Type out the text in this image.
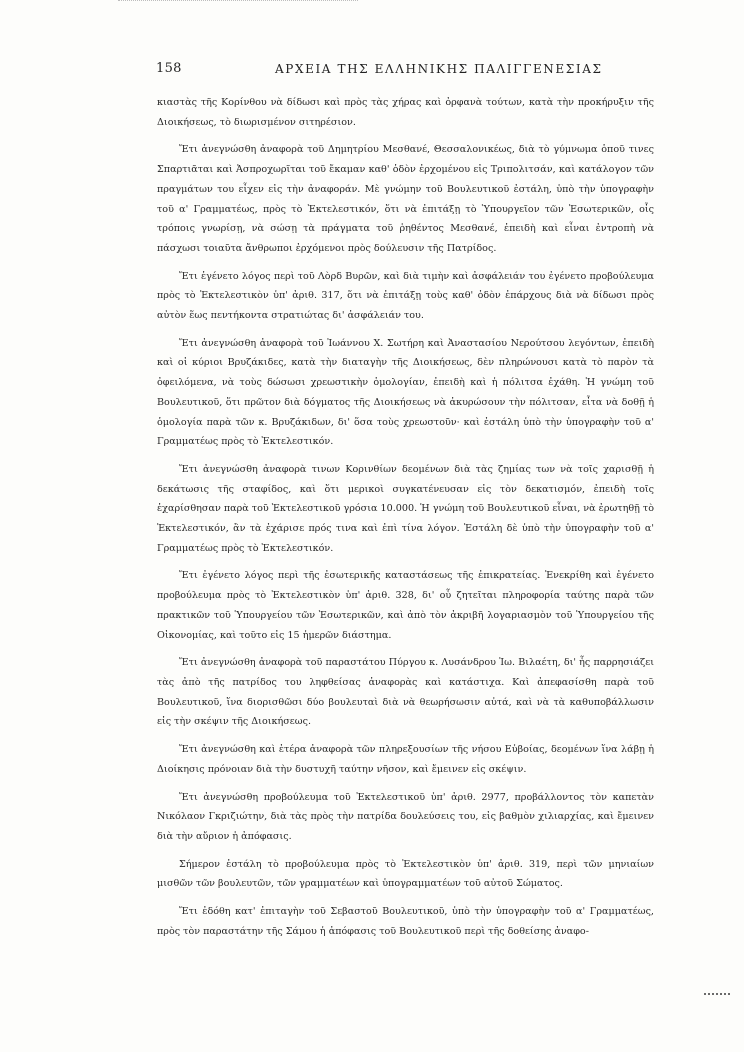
158	ΑΡΧΕΙΑ ΤΗΣ ΕΛΛΗΝΙΚΗΣ ΠΑΛΙΓΓΕΝΕΣΙΑΣ

κιαστὰς τῆς Κορίνθου νὰ δίδωσι καὶ πρὸς τὰς χήρας καὶ ὀρφανὰ τούτων, κατὰ τὴν προκήρυξιν τῆς Διοικήσεως, τὸ διωρισμένον σιτηρέσιον.

Ἔτι ἀνεγνώσθη ἀναφορὰ τοῦ Δημητρίου Μεσθανέ, Θεσσαλονικέως, διὰ τὸ γύμνωμα ὁποῦ τινες Σπαρτιᾶται καὶ Ἀσπροχωρῖται τοῦ ἔκαμαν καθ' ὁδὸν ἐρχομένου εἰς Τριπολιτσάν, καὶ κατάλογον τῶν πραγμάτων του εἶχεν εἰς τὴν ἀναφοράν. Μὲ γνώμην τοῦ Βουλευτικοῦ ἐστάλη, ὑπὸ τὴν ὑπογραφὴν τοῦ α' Γραμματέως, πρὸς τὸ Ἐκτελεστικόν, ὅτι νὰ ἐπιτάξῃ τὸ Ὑπουργεῖον τῶν Ἐσωτερικῶν, οἷς τρόποις γνωρίσῃ, νὰ σώσῃ τὰ πράγματα τοῦ ῥηθέντος Μεσθανέ, ἐπειδὴ καὶ εἶναι ἐντροπὴ νὰ πάσχωσι τοιαῦτα ἄνθρωποι ἐρχόμενοι πρὸς δούλευσιν τῆς Πατρίδος.

Ἔτι ἐγένετο λόγος περὶ τοῦ Λὸρδ Βυρῶν, καὶ διὰ τιμὴν καὶ ἀσφάλειάν του ἐγένετο προβούλευμα πρὸς τὸ Ἐκτελεστικὸν ὑπ' ἀριθ. 317, ὅτι νὰ ἐπιτάξῃ τοὺς καθ' ὁδὸν ἐπάρχους διὰ νὰ δίδωσι πρὸς αὐτὸν ἕως πεντήκοντα στρατιώτας δι' ἀσφάλειάν του.

Ἔτι ἀνεγνώσθη ἀναφορὰ τοῦ Ἰωάννου Χ. Σωτήρη καὶ Ἀναστασίου Νερούτσου λεγόντων, ἐπειδὴ καὶ οἱ κύριοι Βρυζάκιδες, κατὰ τὴν διαταγὴν τῆς Διοικήσεως, δὲν πληρώνουσι κατὰ τὸ παρὸν τὰ ὀφειλόμενα, νὰ τοὺς δώσωσι χρεωστικὴν ὁμολογίαν, ἐπειδὴ καὶ ἡ πόλιτσα ἐχάθη. Ἡ γνώμη τοῦ Βουλευτικοῦ, ὅτι πρῶτον διὰ δόγματος τῆς Διοικήσεως νὰ ἀκυρώσουν τὴν πόλιτσαν, εἶτα νὰ δοθῇ ἡ ὁμολογία παρὰ τῶν κ. Βρυζάκιδων, δι' ὅσα τοὺς χρεωστοῦν· καὶ ἐστάλη ὑπὸ τὴν ὑπογραφὴν τοῦ α' Γραμματέως πρὸς τὸ Ἐκτελεστικόν.

Ἔτι ἀνεγνώσθη ἀναφορὰ τινων Κορινθίων δεομένων διὰ τὰς ζημίας των νὰ τοῖς χαρισθῇ ἡ δεκάτωσις τῆς σταφίδος, καὶ ὅτι μερικοὶ συγκατένευσαν εἰς τὸν δεκατισμόν, ἐπειδὴ τοῖς ἐχαρίσθησαν παρὰ τοῦ Ἐκτελεστικοῦ γρόσια 10.000. Ἡ γνώμη τοῦ Βουλευτικοῦ εἶναι, νὰ ἐρωτηθῇ τὸ Ἐκτελεστικόν, ἂν τὰ ἐχάρισε πρός τινα καὶ ἐπὶ τίνα λόγον. Ἐστάλη δὲ ὑπὸ τὴν ὑπογραφὴν τοῦ α' Γραμματέως πρὸς τὸ Ἐκτελεστικόν.

Ἔτι ἐγένετο λόγος περὶ τῆς ἐσωτερικῆς καταστάσεως τῆς ἐπικρατείας. Ἐνεκρίθη καὶ ἐγένετο προβούλευμα πρὸς τὸ Ἐκτελεστικὸν ὑπ' ἀριθ. 328, δι' οὗ ζητεῖται πληροφορία ταύτης παρὰ τῶν πρακτικῶν τοῦ Ὑπουργείου τῶν Ἐσωτερικῶν, καὶ ἀπὸ τὸν ἀκριβῆ λογαριασμὸν τοῦ Ὑπουργείου τῆς Οἰκονομίας, καὶ τοῦτο εἰς 15 ἡμερῶν διάστημα.

Ἔτι ἀνεγνώσθη ἀναφορὰ τοῦ παραστάτου Πύργου κ. Λυσάνδρου Ἰω. Βιλαέτη, δι' ἧς παρρησιάζει τὰς ἀπὸ τῆς πατρίδος του ληφθείσας ἀναφορὰς καὶ κατάστιχα. Καὶ ἀπεφασίσθη παρὰ τοῦ Βουλευτικοῦ, ἵνα διορισθῶσι δύο βουλευταὶ διὰ νὰ θεωρήσωσιν αὐτά, καὶ νὰ τὰ καθυποβάλλωσιν εἰς τὴν σκέψιν τῆς Διοικήσεως.

Ἔτι ἀνεγνώσθη καὶ ἑτέρα ἀναφορὰ τῶν πληρεξουσίων τῆς νήσου Εὐβοίας, δεομένων ἵνα λάβῃ ἡ Διοίκησις πρόνοιαν διὰ τὴν δυστυχῆ ταύτην νῆσον, καὶ ἔμεινεν εἰς σκέψιν.

Ἔτι ἀνεγνώσθη προβούλευμα τοῦ Ἐκτελεστικοῦ ὑπ' ἀριθ. 2977, προβάλλοντος τὸν καπετὰν Νικόλαον Γκριζιώτην, διὰ τὰς πρὸς τὴν πατρίδα δουλεύσεις του, εἰς βαθμὸν χιλιαρχίας, καὶ ἔμεινεν διὰ τὴν αὔριον ἡ ἀπόφασις.

Σήμερον ἐστάλη τὸ προβούλευμα πρὸς τὸ Ἐκτελεστικὸν ὑπ' ἀριθ. 319, περὶ τῶν μηνιαίων μισθῶν τῶν βουλευτῶν, τῶν γραμματέων καὶ ὑπογραμματέων τοῦ αὐτοῦ Σώματος.

Ἔτι ἐδόθη κατ' ἐπιταγὴν τοῦ Σεβαστοῦ Βουλευτικοῦ, ὑπὸ τὴν ὑπογραφὴν τοῦ α' Γραμματέως, πρὸς τὸν παραστάτην τῆς Σάμου ἡ ἀπόφασις τοῦ Βουλευτικοῦ περὶ τῆς δοθείσης ἀναφο-
